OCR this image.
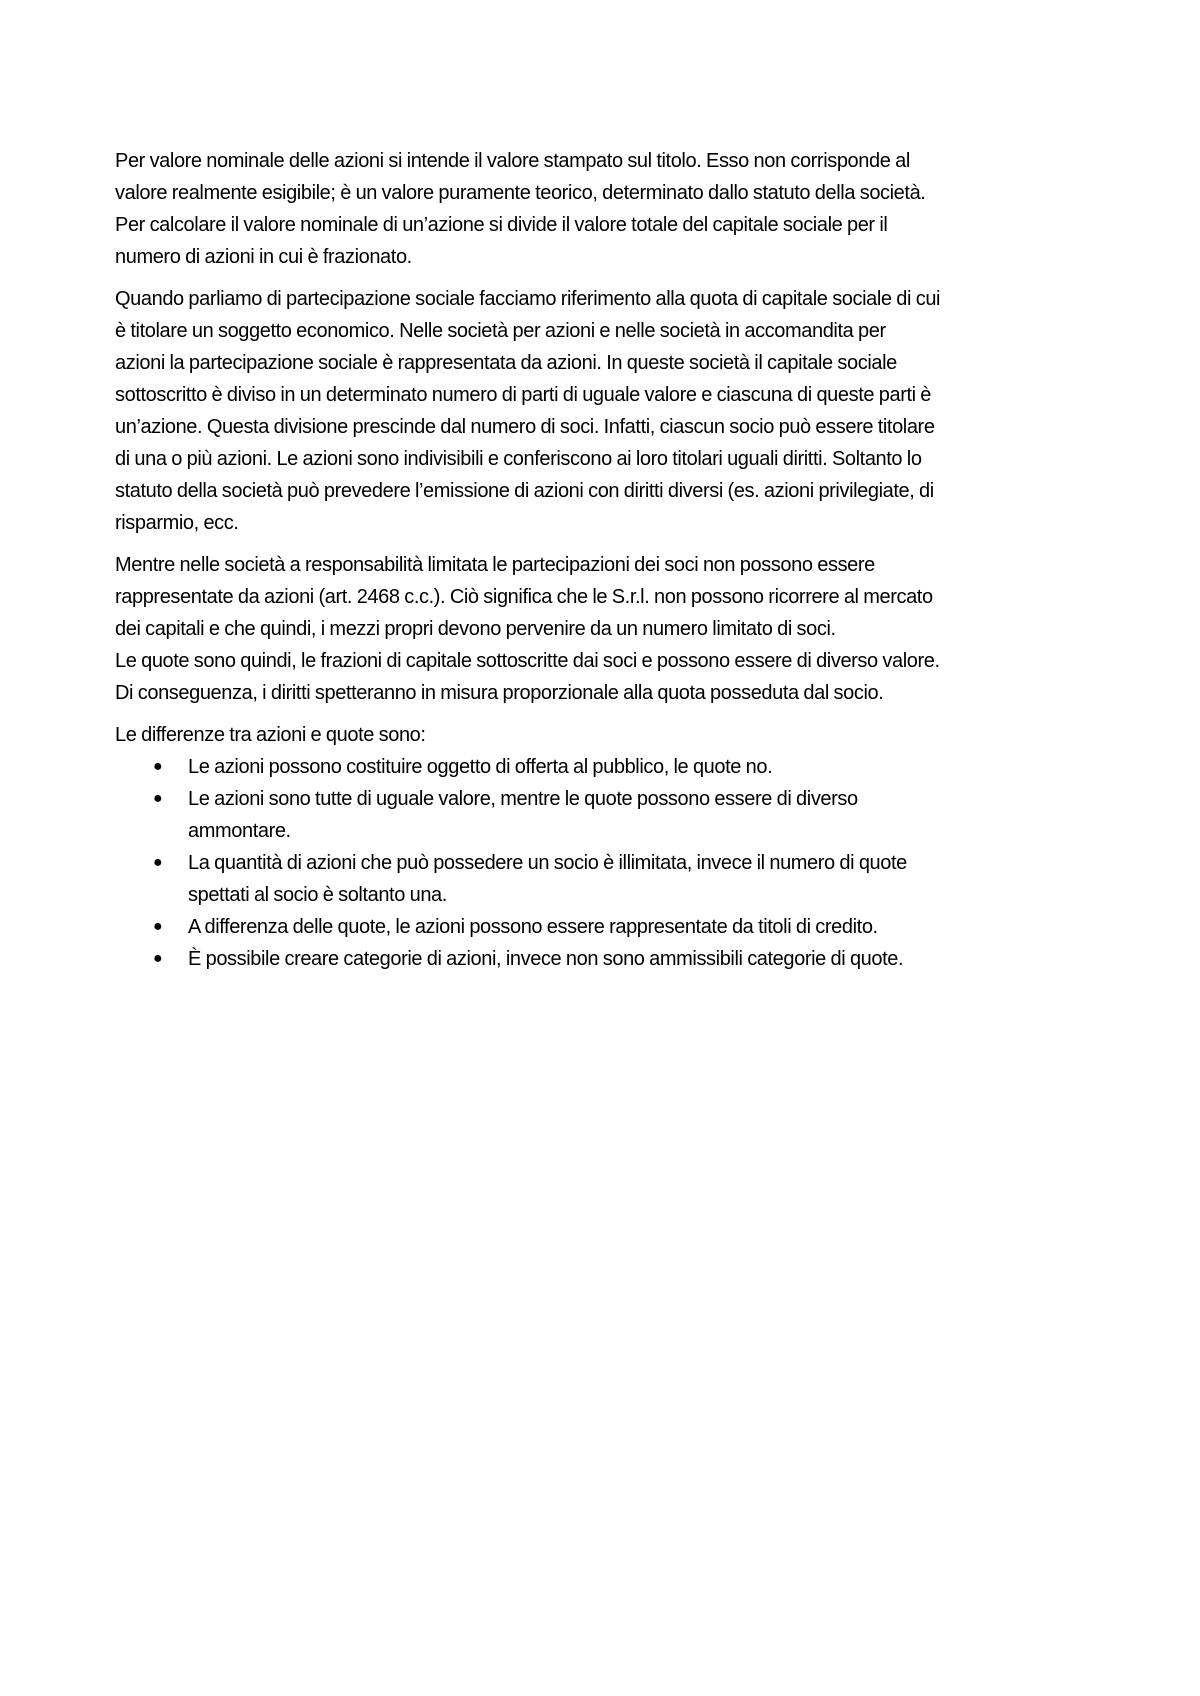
Per valore nominale delle azioni si intende il valore stampato sul titolo. Esso non corrisponde al
valore realmente esigibile; è un valore puramente teorico, determinato dallo statuto della società.
Per calcolare il valore nominale di un’azione si divide il valore totale del capitale sociale per il
numero di azioni in cui è frazionato.

Quando parliamo di partecipazione sociale facciamo riferimento alla quota di capitale sociale di cui
è titolare un soggetto economico. Nelle società per azioni e nelle società in accomandita per
azioni la partecipazione sociale è rappresentata da azioni. In queste società il capitale sociale
sottoscritto è diviso in un determinato numero di parti di uguale valore e ciascuna di queste parti è
un’azione. Questa divisione prescinde dal numero di soci. Infatti, ciascun socio può essere titolare
di una o più azioni. Le azioni sono indivisibili e conferiscono ai loro titolari uguali diritti. Soltanto lo
statuto della società può prevedere l’emissione di azioni con diritti diversi (es. azioni privilegiate, di
risparmio, ecc.

Mentre nelle società a responsabilità limitata le partecipazioni dei soci non possono essere
rappresentate da azioni (art. 2468 c.c.). Ciò significa che le S.r.l. non possono ricorrere al mercato
dei capitali e che quindi, i mezzi propri devono pervenire da un numero limitato di soci.
Le quote sono quindi, le frazioni di capitale sottoscritte dai soci e possono essere di diverso valore.
Di conseguenza, i diritti spetteranno in misura proporzionale alla quota posseduta dal socio.

Le differenze tra azioni e quote sono:

● Le azioni possono costituire oggetto di offerta al pubblico, le quote no.
● Le azioni sono tutte di uguale valore, mentre le quote possono essere di diverso
ammontare.
● La quantità di azioni che può possedere un socio è illimitata, invece il numero di quote
spettati al socio è soltanto una.
● A differenza delle quote, le azioni possono essere rappresentate da titoli di credito.
● È possibile creare categorie di azioni, invece non sono ammissibili categorie di quote.
